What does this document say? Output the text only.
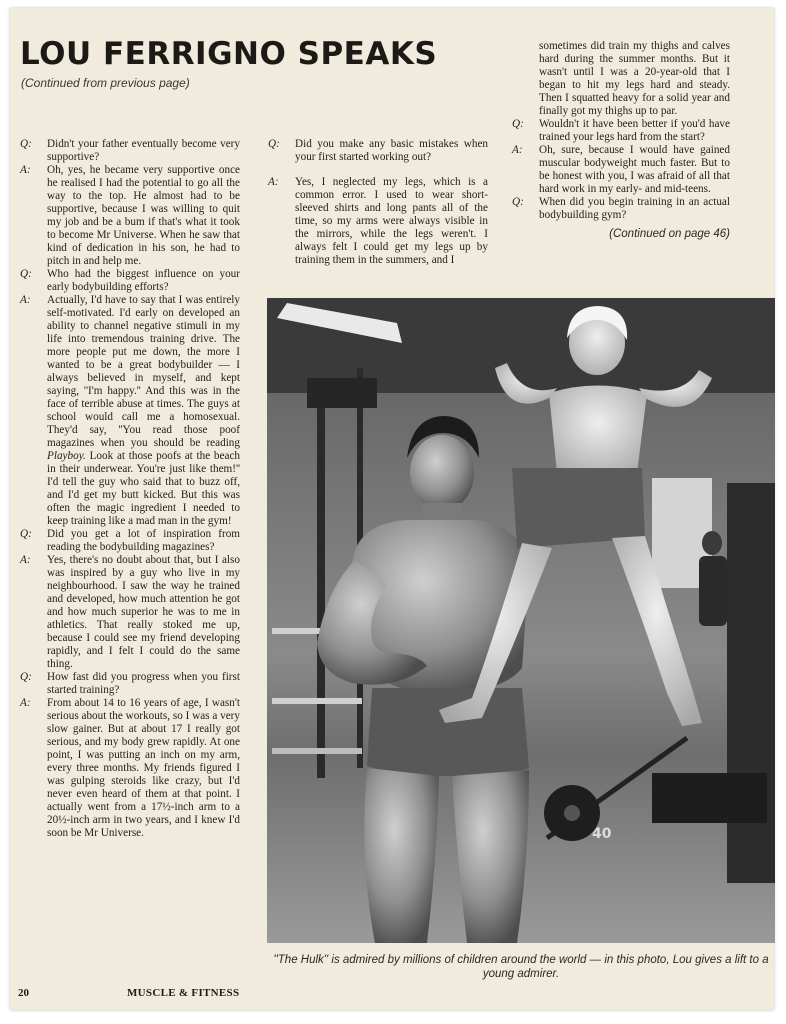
LOU FERRIGNO SPEAKS
(Continued from previous page)
Q:	Didn't your father eventually become very supportive?
A:	Oh, yes, he became very supportive once he realised I had the potential to go all the way to the top. He almost had to be supportive, because I was willing to quit my job and be a bum if that's what it took to become Mr Universe. When he saw that kind of dedication in his son, he had to pitch in and help me.
Q:	Who had the biggest influence on your early bodybuilding efforts?
A:	Actually, I'd have to say that I was entirely self-motivated. I'd early on developed an ability to channel negative stimuli in my life into tremendous training drive. The more people put me down, the more I wanted to be a great bodybuilder — I always believed in myself, and kept saying, ''I'm happy.'' And this was in the face of terrible abuse at times. The guys at school would call me a homosexual. They'd say, ''You read those poof magazines when you should be reading Playboy. Look at those poofs at the beach in their underwear. You're just like them!'' I'd tell the guy who said that to buzz off, and I'd get my butt kicked. But this was often the magic ingredient I needed to keep training like a mad man in the gym!
Q:	Did you get a lot of inspiration from reading the bodybuilding magazines?
A:	Yes, there's no doubt about that, but I also was inspired by a guy who live in my neighbourhood. I saw the way he trained and developed, how much attention he got and how much superior he was to me in athletics. That really stoked me up, because I could see my friend developing rapidly, and I felt I could do the same thing.
Q:	How fast did you progress when you first started training?
A:	From about 14 to 16 years of age, I wasn't serious about the workouts, so I was a very slow gainer. But at about 17 I really got serious, and my body grew rapidly. At one point, I was putting an inch on my arm, every three months. My friends figured I was gulping steroids like crazy, but I'd never even heard of them at that point. I actually went from a 17½-inch arm to a 20½-inch arm in two years, and I knew I'd soon be Mr Universe.
Q:	Did you make any basic mistakes when your first started working out?
A:	Yes, I neglected my legs, which is a common error. I used to wear short-sleeved shirts and long pants all of the time, so my arms were always visible in the mirrors, while the legs weren't. I always felt I could get my legs up by training them in the summers, and I
sometimes did train my thighs and calves hard during the summer months. But it wasn't until I was a 20-year-old that I began to hit my legs hard and steady. Then I squatted heavy for a solid year and finally got my thighs up to par.
Q:	Wouldn't it have been better if you'd have trained your legs hard from the start?
A:	Oh, sure, because I would have gained muscular bodyweight much faster. But to be honest with you, I was afraid of all that hard work in my early- and mid-teens.
Q:	When did you begin training in an actual bodybuilding gym?
(Continued on page 46)
40
''The Hulk'' is admired by millions of children around the world — in this photo, Lou gives a lift to a young admirer.
20	MUSCLE & FITNESS
